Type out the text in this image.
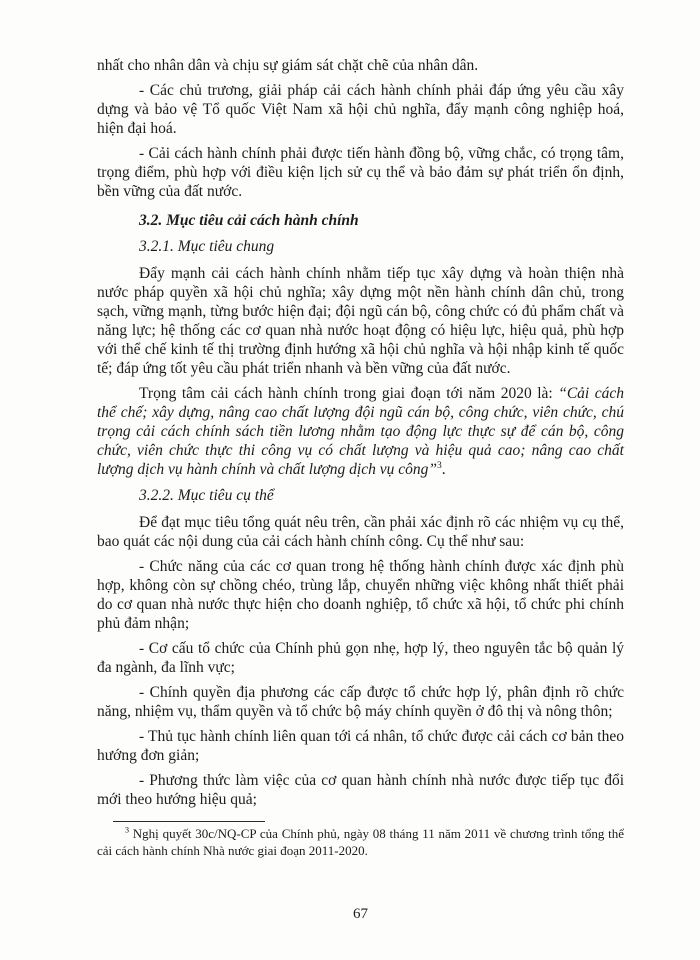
nhất cho nhân dân và chịu sự giám sát chặt chẽ của nhân dân.

- Các chủ trương, giải pháp cải cách hành chính phải đáp ứng yêu cầu xây dựng và bảo vệ Tổ quốc Việt Nam xã hội chủ nghĩa, đẩy mạnh công nghiệp hoá, hiện đại hoá.

- Cải cách hành chính phải được tiến hành đồng bộ, vững chắc, có trọng tâm, trọng điểm, phù hợp với điều kiện lịch sử cụ thể và bảo đảm sự phát triển ổn định, bền vững của đất nước.

3.2. Mục tiêu cải cách hành chính

3.2.1. Mục tiêu chung

Đẩy mạnh cải cách hành chính nhằm tiếp tục xây dựng và hoàn thiện nhà nước pháp quyền xã hội chủ nghĩa; xây dựng một nền hành chính dân chủ, trong sạch, vững mạnh, từng bước hiện đại; đội ngũ cán bộ, công chức có đủ phẩm chất và năng lực; hệ thống các cơ quan nhà nước hoạt động có hiệu lực, hiệu quả, phù hợp với thể chế kinh tế thị trường định hướng xã hội chủ nghĩa và hội nhập kinh tế quốc tế; đáp ứng tốt yêu cầu phát triển nhanh và bền vững của đất nước.

Trọng tâm cải cách hành chính trong giai đoạn tới năm 2020 là: “Cải cách thể chế; xây dựng, nâng cao chất lượng đội ngũ cán bộ, công chức, viên chức, chú trọng cải cách chính sách tiền lương nhằm tạo động lực thực sự để cán bộ, công chức, viên chức thực thi công vụ có chất lượng và hiệu quả cao; nâng cao chất lượng dịch vụ hành chính và chất lượng dịch vụ công”$^3$.

3.2.2. Mục tiêu cụ thể

Để đạt mục tiêu tổng quát nêu trên, cần phải xác định rõ các nhiệm vụ cụ thể, bao quát các nội dung của cải cách hành chính công. Cụ thể như sau:

- Chức năng của các cơ quan trong hệ thống hành chính được xác định phù hợp, không còn sự chồng chéo, trùng lắp, chuyển những việc không nhất thiết phải do cơ quan nhà nước thực hiện cho doanh nghiệp, tổ chức xã hội, tổ chức phi chính phủ đảm nhận;

- Cơ cấu tổ chức của Chính phủ gọn nhẹ, hợp lý, theo nguyên tắc bộ quản lý đa ngành, đa lĩnh vực;

- Chính quyền địa phương các cấp được tổ chức hợp lý, phân định rõ chức năng, nhiệm vụ, thẩm quyền và tổ chức bộ máy chính quyền ở đô thị và nông thôn;

- Thủ tục hành chính liên quan tới cá nhân, tổ chức được cải cách cơ bản theo hướng đơn giản;

- Phương thức làm việc của cơ quan hành chính nhà nước được tiếp tục đổi mới theo hướng hiệu quả;

$^3$ Nghị quyết 30c/NQ-CP của Chính phủ, ngày 08 tháng 11 năm 2011 về chương trình tổng thể cải cách hành chính Nhà nước giai đoạn 2011-2020.

67
